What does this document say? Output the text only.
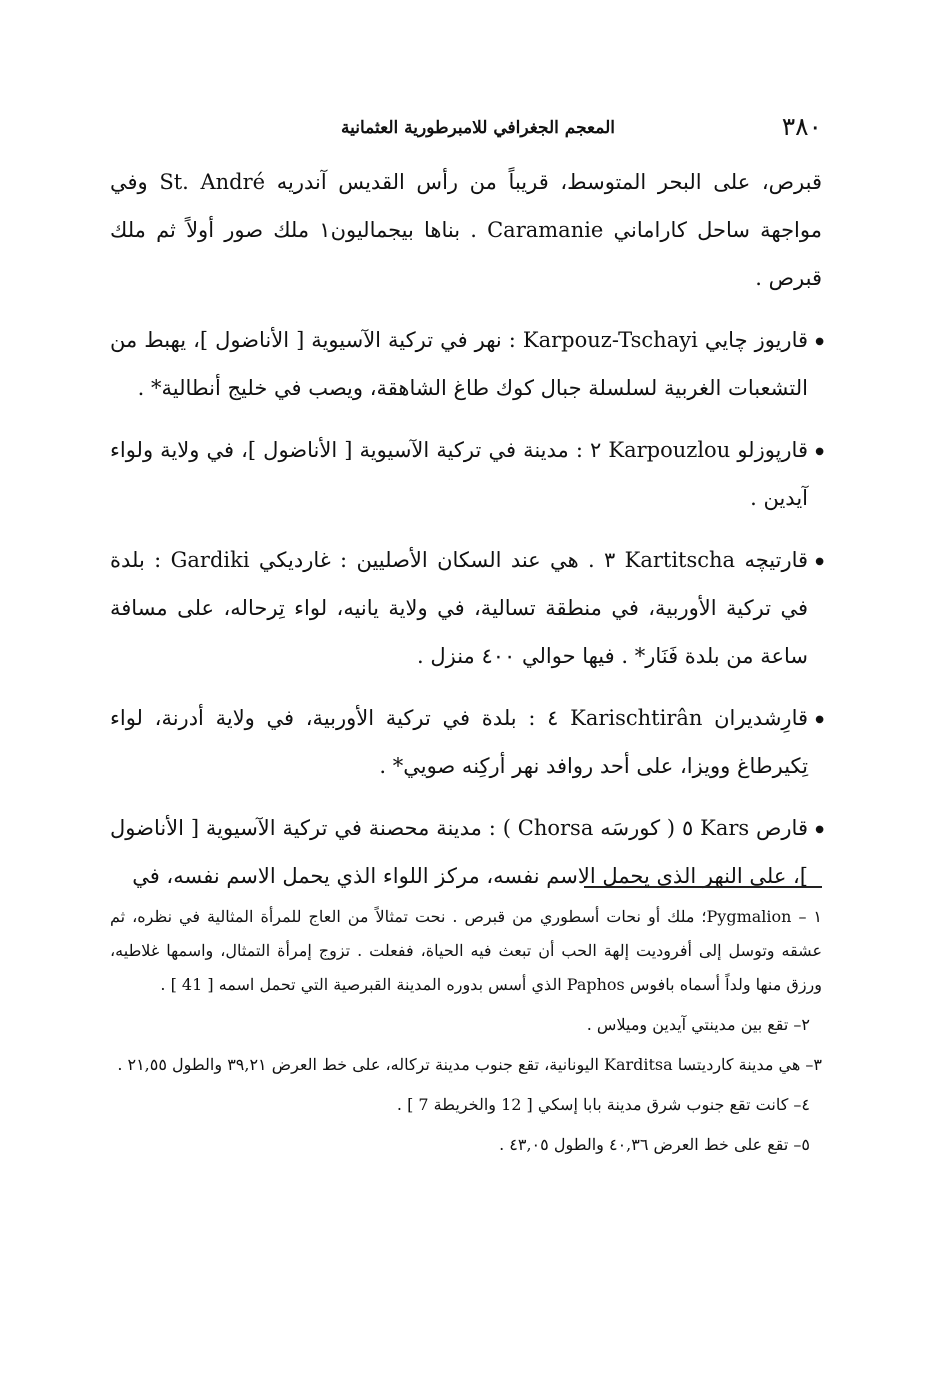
٣٨٠
المعجم الجغرافي للامبرطورية العثمانية
قبرص، على البحر المتوسط، قريباً من رأس القديس آندريه St. André وفي مواجهة ساحل كاراماني Caramanie . بناها بيجماليون١ ملك صور أولاً ثم ملك قبرص .
● قاريوز چايي Karpouz-Tschayi : نهر في تركية الآسيوية [ الأناضول ]، يهبط من التشعبات الغربية لسلسلة جبال كوك طاغ الشاهقة، ويصب في خليج أنطالية* .
● قارپوزلو Karpouzlou ٢ : مدينة في تركية الآسيوية [ الأناضول ]، في ولاية ولواء آيدين .
● قارتيچه Kartitscha ٣ . هي عند السكان الأصليين : غارديكي Gardiki : بلدة في تركية الأوربية، في منطقة تسالية، في ولاية يانيه، لواء تِرحاله، على مسافة ساعة من بلدة فَنَار* . فيها حوالي ٤٠٠ منزل .
● قارِشديران Karischtirân ٤ : بلدة في تركية الأوربية، في ولاية أدرنة، لواء تِكيرطاغ وويزا، على أحد روافد نهر أركِنه صويي* .
● قارص Kars ٥ ( كورسَه Chorsa ) : مدينة محصنة في تركية الآسيوية [ الأناضول ]، على النهر الذي يحمل الاسم نفسه، مركز اللواء الذي يحمل الاسم نفسه، في
١ – Pygmalion؛ ملك أو نحات أسطوري من قبرص . نحت تمثالاً من العاج للمرأة المثالية في نظره، ثم عشقه وتوسل إلى أفروديت إلهة الحب أن تبعث فيه الحياة، ففعلت . تزوج إمرأة التمثال، واسمها غلاطيه، ورزق منها ولداً أسماه بافوس Paphos الذي أسس بدوره المدينة القبرصية التي تحمل اسمه [ 41 ] .
٢– تقع بين مدينتي آيدين وميلاس .
٣– هي مدينة كارديتسا Karditsa اليونانية، تقع جنوب مدينة تركاله، على خط العرض ٣٩,٢١ والطول ٢١,٥٥ .
٤– كانت تقع جنوب شرق مدينة بابا إسكي [ 12 والخريطة 7 ] .
٥– تقع على خط العرض ٤٠,٣٦ والطول ٤٣,٠٥ .
